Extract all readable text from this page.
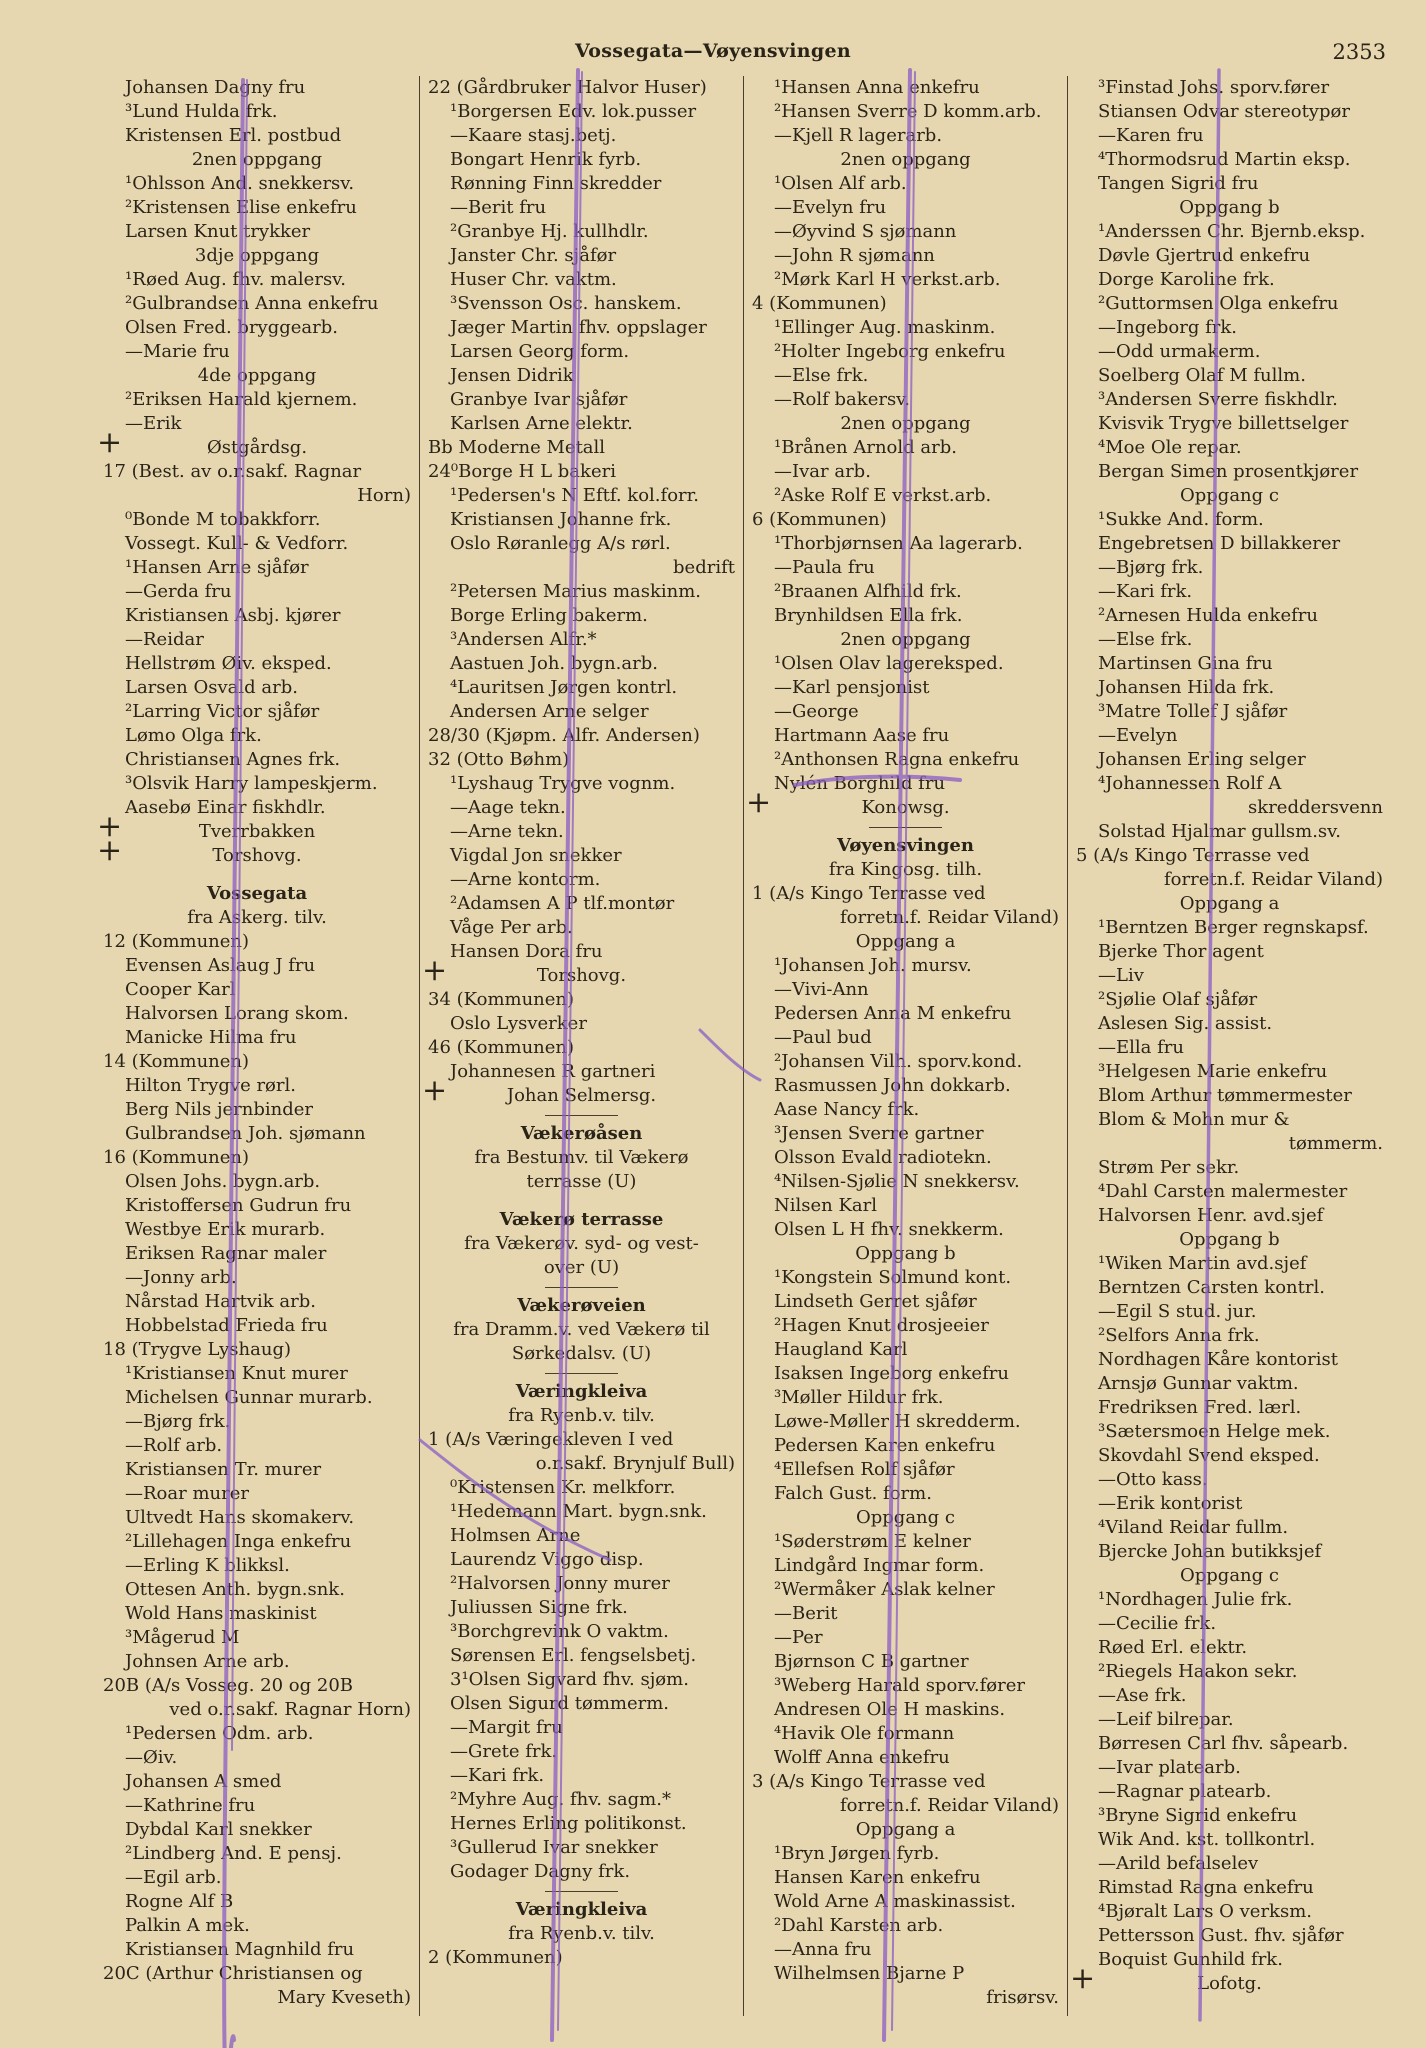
Vossegata—Vøyensvingen	2353
Johansen Dagny fru
³Lund Hulda frk.
Kristensen Erl. postbud
2nen oppgang
¹Ohlsson And. snekkersv.
²Kristensen Elise enkefru
Larsen Knut trykker
3dje oppgang
¹Røed Aug. fhv. malersv.
²Gulbrandsen Anna enkefru
Olsen Fred. bryggearb.
—Marie fru
4de oppgang
²Eriksen Harald kjernem.
—Erik
+ Østgårdsg.
17 (Best. av o.r.sakf. Ragnar
Horn)
⁰Bonde M tobakkforr.
Vossegt. Kull- & Vedforr.
¹Hansen Arne sjåfør
—Gerda fru
Kristiansen Asbj. kjører
—Reidar
Hellstrøm Øiv. eksped.
Larsen Osvald arb.
²Larring Victor sjåfør
Lømo Olga frk.
Christiansen Agnes frk.
³Olsvik Harry lampeskjerm.
Aasebø Einar fiskhdlr.
+ Tverrbakken
+ Torshovg.
Vossegata
fra Askerg. tilv.
12 (Kommunen)
Evensen Aslaug J fru
Cooper Karl
Halvorsen Lorang skom.
Manicke Hilma fru
14 (Kommunen)
Hilton Trygve rørl.
Berg Nils jernbinder
Gulbrandsen Joh. sjømann
16 (Kommunen)
Olsen Johs. bygn.arb.
Kristoffersen Gudrun fru
Westbye Erik murarb.
Eriksen Ragnar maler
—Jonny arb.
Nårstad Hartvik arb.
Hobbelstad Frieda fru
18 (Trygve Lyshaug)
¹Kristiansen Knut murer
Michelsen Gunnar murarb.
—Bjørg frk.
—Rolf arb.
Kristiansen Tr. murer
—Roar murer
Ultvedt Hans skomakerv.
²Lillehagen Inga enkefru
—Erling K blikksl.
Ottesen Anth. bygn.snk.
Wold Hans maskinist
³Mågerud M
Johnsen Arne arb.
20B (A/s Vosseg. 20 og 20B
ved o.r.sakf. Ragnar Horn)
¹Pedersen Odm. arb.
—Øiv.
Johansen A smed
—Kathrine fru
Dybdal Karl snekker
²Lindberg And. E pensj.
—Egil arb.
Rogne Alf B
Palkin A mek.
Kristiansen Magnhild fru
20C (Arthur Christiansen og
Mary Kveseth)
22 (Gårdbruker Halvor Huser)
¹Borgersen Edv. lok.pusser
—Kaare stasj.betj.
Bongart Henrik fyrb.
Rønning Finn skredder
—Berit fru
²Granbye Hj. kullhdlr.
Janster Chr. sjåfør
Huser Chr. vaktm.
³Svensson Osc. hanskem.
Jæger Martin fhv. oppslager
Larsen Georg form.
Jensen Didrik
Granbye Ivar sjåfør
Karlsen Arne elektr.
Bb Moderne Metall
24⁰Borge H L bakeri
¹Pedersen's N Eftf. kol.forr.
Kristiansen Johanne frk.
Oslo Røranlegg A/s rørl.
bedrift
²Petersen Marius maskinm.
Borge Erling bakerm.
³Andersen Alfr.*
Aastuen Joh. bygn.arb.
⁴Lauritsen Jørgen kontrl.
Andersen Arne selger
28/30 (Kjøpm. Alfr. Andersen)
32 (Otto Bøhm)
¹Lyshaug Trygve vognm.
—Aage tekn.
—Arne tekn.
Vigdal Jon snekker
—Arne kontorm.
²Adamsen A P tlf.montør
Våge Per arb.
Hansen Dora fru
+ Torshovg.
34 (Kommunen)
Oslo Lysverker
46 (Kommunen)
Johannesen R gartneri
+ Johan Selmersg.
Vækerøåsen
fra Bestumv. til Vækerø
terrasse (U)
Vækerø terrasse
fra Vækerøv. syd- og vest-
over (U)
Vækerøveien
fra Dramm.v. ved Vækerø til
Sørkedalsv. (U)
Væringkleiva
fra Ryenb.v. tilv.
1 (A/s Væringekleven I ved
o.r.sakf. Brynjulf Bull)
⁰Kristensen Kr. melkforr.
¹Hedemann Mart. bygn.snk.
Holmsen Arne
Laurendz Viggo disp.
²Halvorsen Jonny murer
Juliussen Signe frk.
³Borchgrevink O vaktm.
Sørensen Erl. fengselsbetj.
3¹Olsen Sigvard fhv. sjøm.
Olsen Sigurd tømmerm.
—Margit fru
—Grete frk.
—Kari frk.
²Myhre Aug. fhv. sagm.*
Hernes Erling politikonst.
³Gullerud Ivar snekker
Godager Dagny frk.
Væringkleiva
fra Ryenb.v. tilv.
2 (Kommunen)
¹Hansen Anna enkefru
²Hansen Sverre D komm.arb.
—Kjell R lagerarb.
2nen oppgang
¹Olsen Alf arb.
—Evelyn fru
—Øyvind S sjømann
—John R sjømann
²Mørk Karl H verkst.arb.
4 (Kommunen)
¹Ellinger Aug. maskinm.
²Holter Ingeborg enkefru
—Else frk.
—Rolf bakersv.
2nen oppgang
¹Brånen Arnold arb.
—Ivar arb.
²Aske Rolf E verkst.arb.
6 (Kommunen)
¹Thorbjørnsen Aa lagerarb.
—Paula fru
²Braanen Alfhild frk.
Brynhildsen Ella frk.
2nen oppgang
¹Olsen Olav lagereksped.
—Karl pensjonist
—George
Hartmann Aase fru
²Anthonsen Ragna enkefru
Nylén Borghild fru
+ Konowsg.
Vøyensvingen
fra Kingosg. tilh.
1 (A/s Kingo Terrasse ved
forretn.f. Reidar Viland)
Oppgang a
¹Johansen Joh. mursv.
—Vivi-Ann
Pedersen Anna M enkefru
—Paul bud
²Johansen Vilh. sporv.kond.
Rasmussen John dokkarb.
Aase Nancy frk.
³Jensen Sverre gartner
Olsson Evald radiotekn.
⁴Nilsen-Sjølie N snekkersv.
Nilsen Karl
Olsen L H fhv. snekkerm.
Oppgang b
¹Kongstein Solmund kont.
Lindseth Gerret sjåfør
²Hagen Knut drosjeeier
Haugland Karl
Isaksen Ingeborg enkefru
³Møller Hildur frk.
Løwe-Møller H skredderm.
Pedersen Karen enkefru
⁴Ellefsen Rolf sjåfør
Falch Gust. form.
Oppgang c
¹Søderstrøm E kelner
Lindgård Ingmar form.
²Wermåker Aslak kelner
—Berit
—Per
Bjørnson C B gartner
³Weberg Harald sporv.fører
Andresen Ole H maskins.
⁴Havik Ole formann
Wolff Anna enkefru
3 (A/s Kingo Terrasse ved
forretn.f. Reidar Viland)
Oppgang a
¹Bryn Jørgen fyrb.
Hansen Karen enkefru
Wold Arne A maskinassist.
²Dahl Karsten arb.
—Anna fru
Wilhelmsen Bjarne P
frisørsv.
³Finstad Johs. sporv.fører
Stiansen Odvar stereotypør
—Karen fru
⁴Thormodsrud Martin eksp.
Tangen Sigrid fru
Oppgang b
¹Anderssen Chr. Bjernb.eksp.
Døvle Gjertrud enkefru
Dorge Karoline frk.
²Guttormsen Olga enkefru
—Ingeborg frk.
—Odd urmakerm.
Soelberg Olaf M fullm.
³Andersen Sverre fiskhdlr.
Kvisvik Trygve billettselger
⁴Moe Ole repar.
Bergan Simen prosentkjører
Oppgang c
¹Sukke And. form.
Engebretsen D billakkerer
—Bjørg frk.
—Kari frk.
²Arnesen Hulda enkefru
—Else frk.
Martinsen Gina fru
Johansen Hilda frk.
³Matre Tollef J sjåfør
—Evelyn
Johansen Erling selger
⁴Johannessen Rolf A
skreddersvenn
Solstad Hjalmar gullsm.sv.
5 (A/s Kingo Terrasse ved
forretn.f. Reidar Viland)
Oppgang a
¹Berntzen Berger regnskapsf.
Bjerke Thor agent
—Liv
²Sjølie Olaf sjåfør
Aslesen Sig. assist.
—Ella fru
³Helgesen Marie enkefru
Blom Arthur tømmermester
Blom & Mohn mur &
tømmerm.
Strøm Per sekr.
⁴Dahl Carsten malermester
Halvorsen Henr. avd.sjef
Oppgang b
¹Wiken Martin avd.sjef
Berntzen Carsten kontrl.
—Egil S stud. jur.
²Selfors Anna frk.
Nordhagen Kåre kontorist
Arnsjø Gunnar vaktm.
Fredriksen Fred. lærl.
³Sætersmoen Helge mek.
Skovdahl Svend eksped.
—Otto kass.
—Erik kontorist
⁴Viland Reidar fullm.
Bjercke Johan butikksjef
Oppgang c
¹Nordhagen Julie frk.
—Cecilie frk.
Røed Erl. elektr.
²Riegels Haakon sekr.
—Ase frk.
—Leif bilrepar.
Børresen Carl fhv. såpearb.
—Ivar platearb.
—Ragnar platearb.
³Bryne Sigrid enkefru
Wik And. kst. tollkontrl.
—Arild befalselev
Rimstad Ragna enkefru
⁴Bjøralt Lars O verksm.
Pettersson Gust. fhv. sjåfør
Boquist Gunhild frk.
+ Lofotg.
